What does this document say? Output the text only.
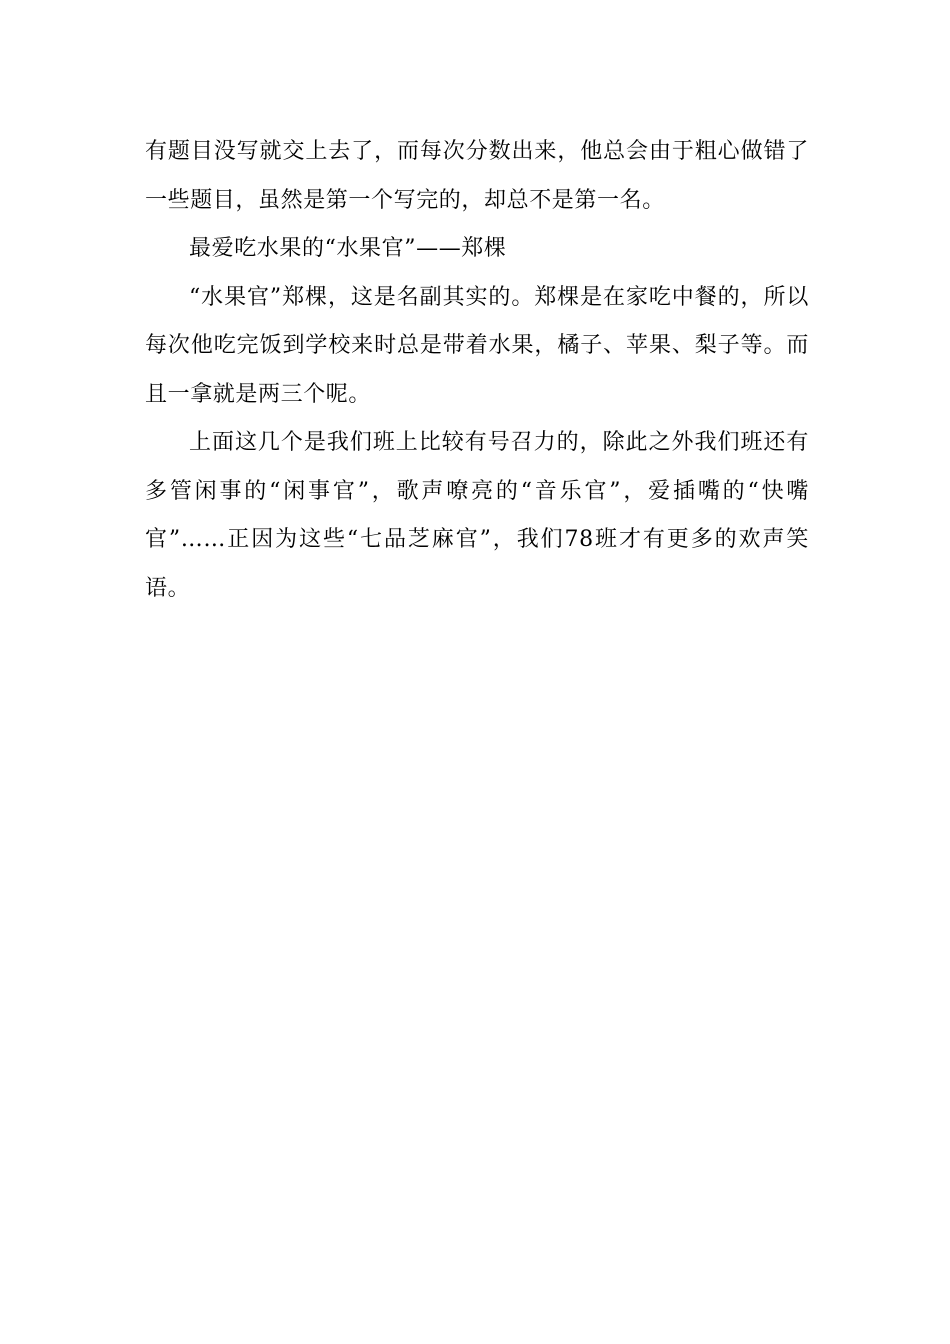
有题目没写就交上去了，而每次分数出来，他总会由于粗心做错了一些题目，虽然是第一个写完的，却总不是第一名。

最爱吃水果的“水果官”——郑棵

“水果官”郑棵，这是名副其实的。郑棵是在家吃中餐的，所以每次他吃完饭到学校来时总是带着水果，橘子、苹果、梨子等。而且一拿就是两三个呢。

上面这几个是我们班上比较有号召力的，除此之外我们班还有多管闲事的“闲事官”，歌声嘹亮的“音乐官”，爱插嘴的“快嘴官”……正因为这些“七品芝麻官”，我们78班才有更多的欢声笑语。
